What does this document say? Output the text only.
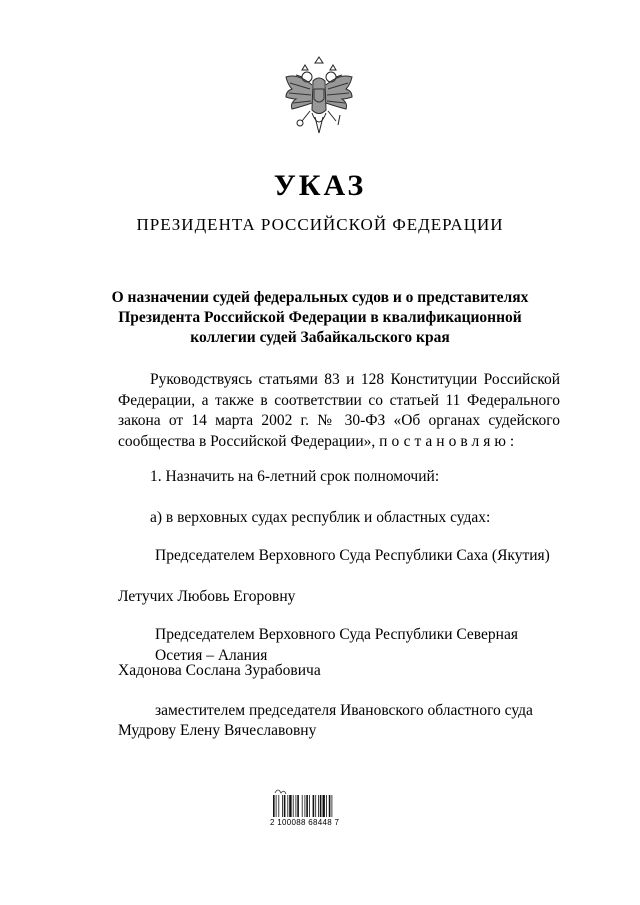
УКАЗ
ПРЕЗИДЕНТА РОССИЙСКОЙ ФЕДЕРАЦИИ
О назначении судей федеральных судов и о представителях
Президента Российской Федерации в квалификационной
коллегии судей Забайкальского края
Руководствуясь статьями 83 и 128 Конституции Российской Федерации, а также в соответствии со статьей 11 Федерального закона от 14 марта 2002 г. № 30-ФЗ «Об органах судейского сообщества в Российской Федерации», постановляю:
1. Назначить на 6-летний срок полномочий:
а) в верховных судах республик и областных судах:
Председателем Верховного Суда Республики Саха (Якутия)
Летучих Любовь Егоровну
Председателем Верховного Суда Республики Северная Осетия – Алания
Хадонова Сослана Зурабовича
заместителем председателя Ивановского областного суда
Мудрову Елену Вячеславовну
2 100088 68448 7
